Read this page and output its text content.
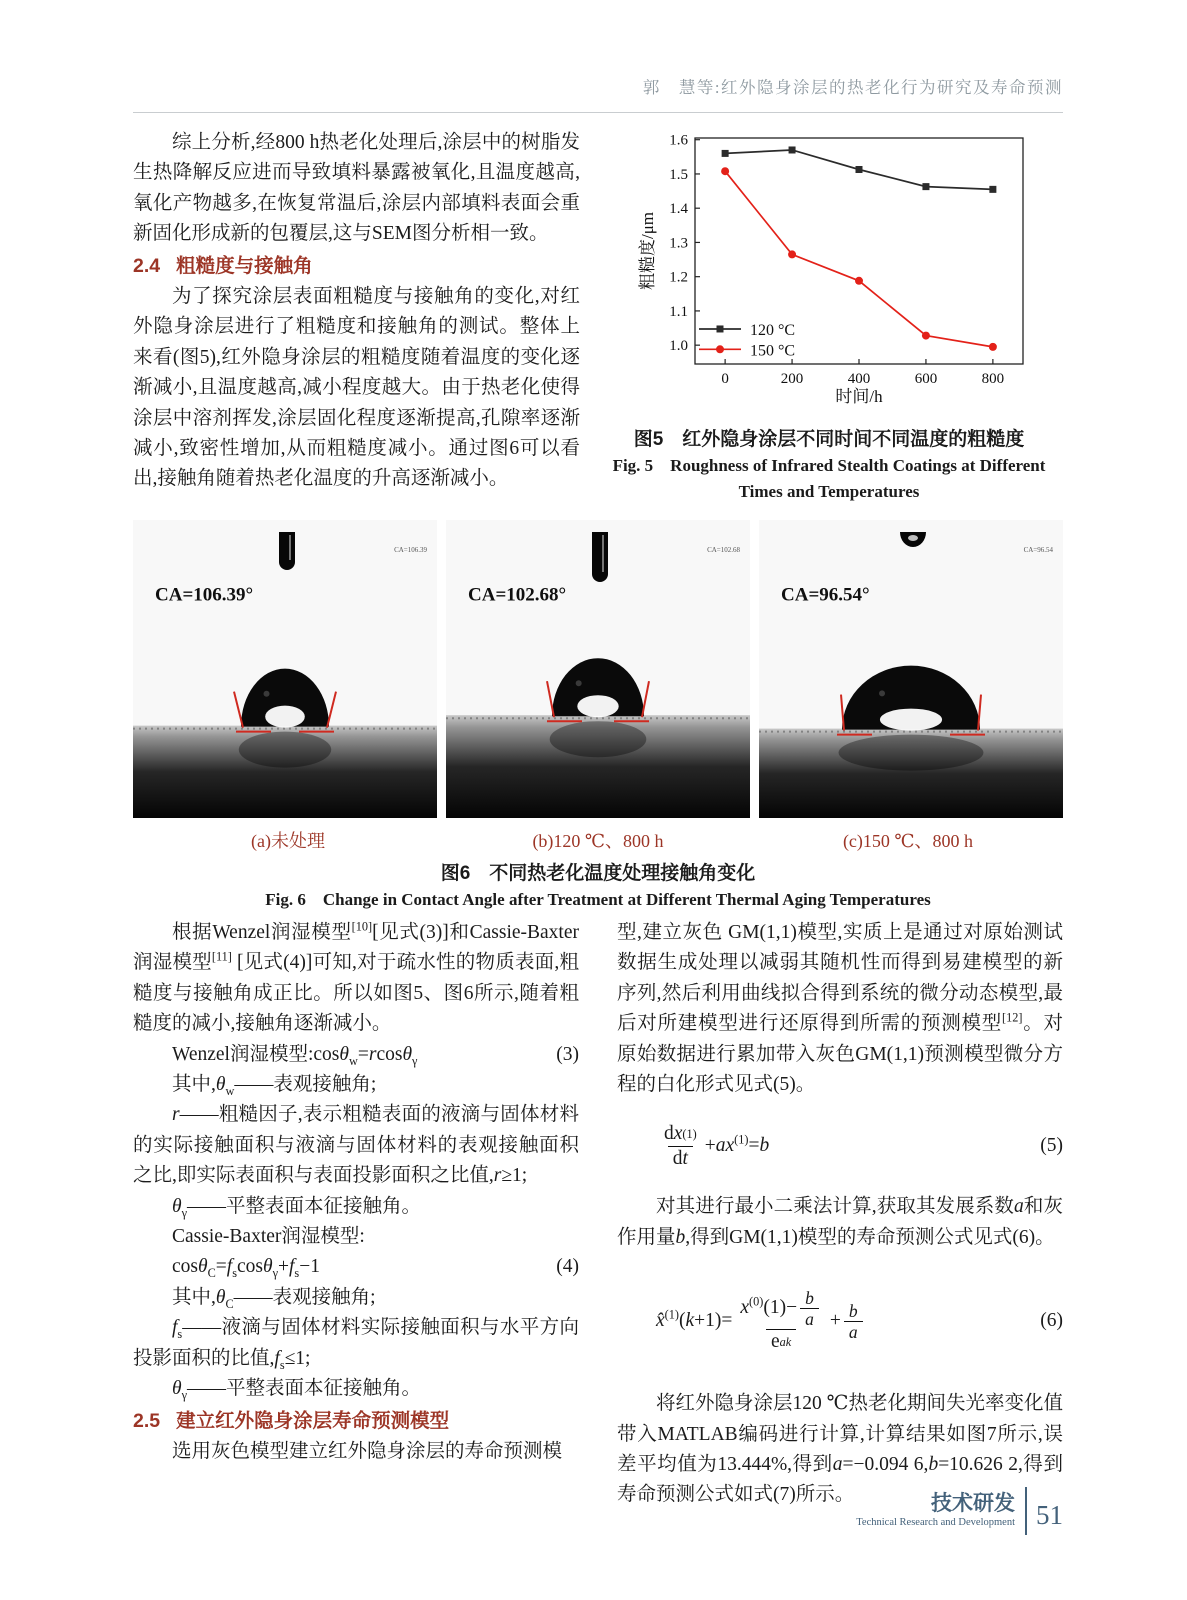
郭　慧等:红外隐身涂层的热老化行为研究及寿命预测

综上分析,经800 h热老化处理后,涂层中的树脂发生热降解反应进而导致填料暴露被氧化,且温度越高,氧化产物越多,在恢复常温后,涂层内部填料表面会重新固化形成新的包覆层,这与SEM图分析相一致。

2.4 粗糙度与接触角

为了探究涂层表面粗糙度与接触角的变化,对红外隐身涂层进行了粗糙度和接触角的测试。整体上来看(图5),红外隐身涂层的粗糙度随着温度的变化逐渐减小,且温度越高,减小程度越大。由于热老化使得涂层中溶剂挥发,涂层固化程度逐渐提高,孔隙率逐渐减小,致密性增加,从而粗糙度减小。通过图6可以看出,接触角随着热老化温度的升高逐渐减小。

0	200	400	600	800
1.0
1.1
1.2
1.3
1.4
1.5
1.6
120 °C
150 °C
时间/h
粗糙度/μm
图5　红外隐身涂层不同时间不同温度的粗糙度
Fig. 5　Roughness of Infrared Stealth Coatings at Different
Times and Temperatures
CA=106.39°
CA=106.39
CA=102.68°
CA=102.68
CA=96.54°
CA=96.54
(a)未处理	(b)120 ℃、800 h	(c)150 ℃、800 h
图6　不同热老化温度处理接触角变化
Fig. 6　Change in Contact Angle after Treatment at Different Thermal Aging Temperatures

根据Wenzel润湿模型[10][见式(3)]和Cassie-Baxter润湿模型[11] [见式(4)]可知,对于疏水性的物质表面,粗糙度与接触角成正比。所以如图5、图6所示,随着粗糙度的减小,接触角逐渐减小。

Wenzel润湿模型:cosθ$_w$=rcosθ$_\gamma$	(3)

其中$,\theta_w——$表观接触角;

r——粗糙因子,表示粗糙表面的液滴与固体材料的实际接触面积与液滴与固体材料的表观接触面积之比,即实际表面积与表面投影面积之比值,r≥1;

$\theta_\gamma——$平整表面本征接触角。

Cassie-Baxter润湿模型:

$\cos\theta_C=f_s\cos\theta_\gamma+f_s-1$	(4)

其中$,\theta_C——$表观接触角;

$f_s——$液滴与固体材料实际接触面积与水平方向投影面积的比值$,f_s\le 1$;

$\theta_\gamma——$平整表面本征接触角。

2.5 建立红外隐身涂层寿命预测模型

选用灰色模型建立红外隐身涂层的寿命预测模

型,建立灰色 GM(1,1)模型,实质上是通过对原始测试数据生成处理以减弱其随机性而得到易建模型的新序列,然后利用曲线拟合得到系统的微分动态模型,最后对所建模型进行还原得到所需的预测模型[12]。对原始数据进行累加带入灰色GM(1,1)预测模型微分方程的白化形式见式(5)。

$\frac{\text{d x (1)}}{\text{d t}} +ax^{(1)}=b$	(5)

对其进行最小二乘法计算,获取其发展系数a和灰作用量b,得到GM(1,1)模型的寿命预测公式见式(6)。

x̂$^{(1)}$(k+1)= $\frac{x^{(0)}(1)- \frac{b}{a}}{\text{e ak}} + \frac{b}{a}$	(6)

将红外隐身涂层120 ℃热老化期间失光率变化值带入MATLAB编码进行计算,计算结果如图7所示,误差平均值为13.444%,得到a=−0.094 6,b=10.626 2,得到寿命预测公式如式(7)所示。	技术研发
Technical Research and Development 51
